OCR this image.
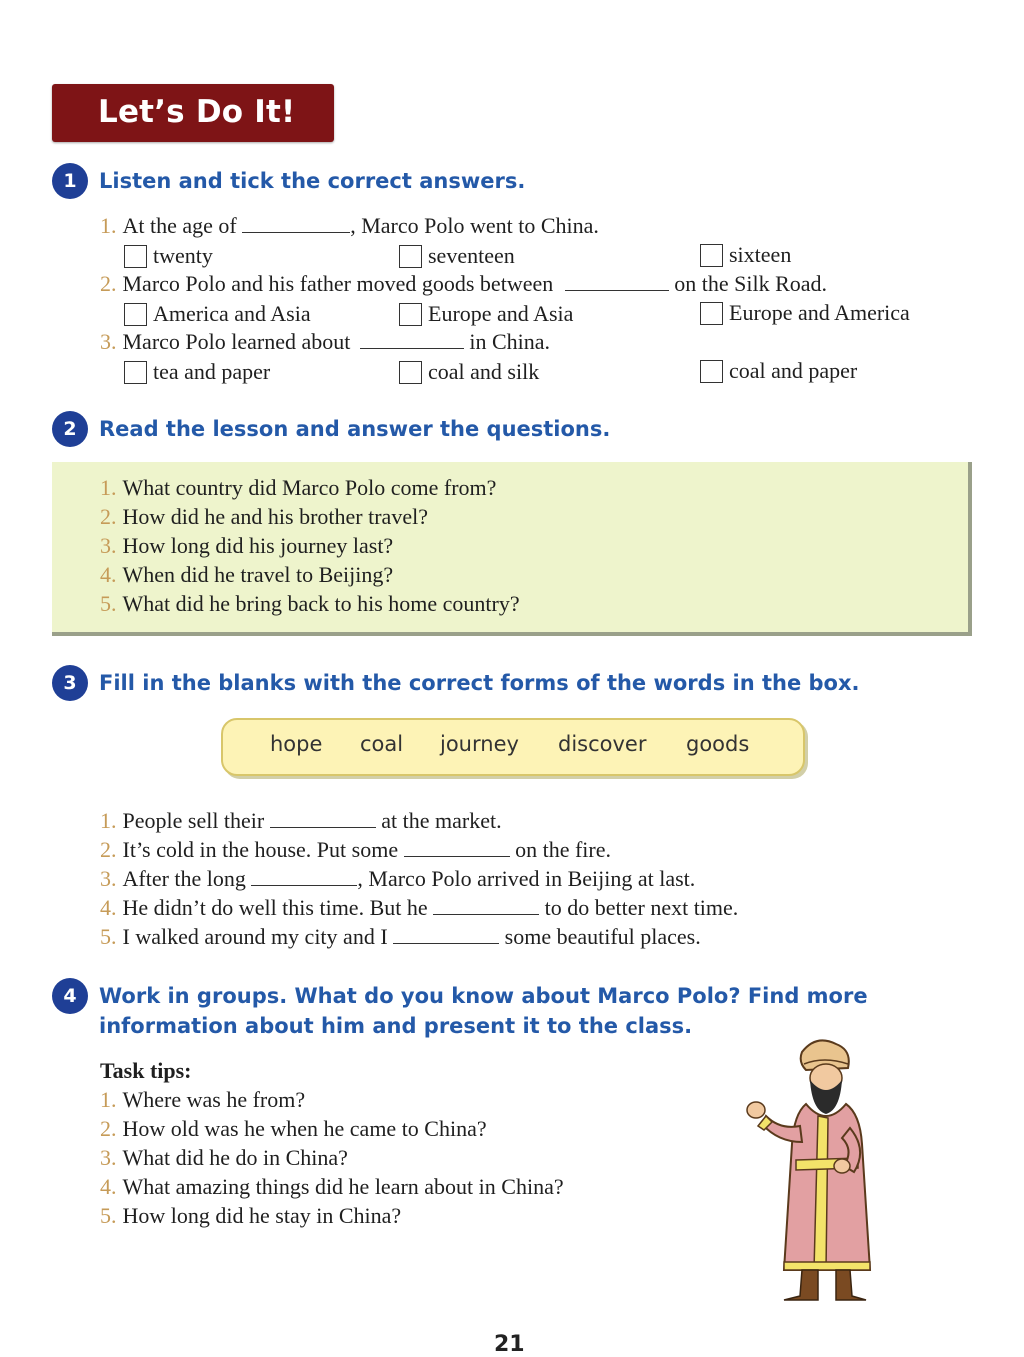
Let’s Do It!
1	Listen and tick the correct answers.
1. At the age of	, Marco Polo went to China.
twenty	seventeen	sixteen
2. Marco Polo and his father moved goods between	on the Silk Road.
America and Asia	Europe and Asia	Europe and America
3. Marco Polo learned about	in China.
tea and paper	coal and silk	coal and paper
2	Read the lesson and answer the questions.
1. What country did Marco Polo come from?
2. How did he and his brother travel?
3. How long did his journey last?
4. When did he travel to Beijing?
5. What did he bring back to his home country?
3	Fill in the blanks with the correct forms of the words in the box.
hope coal journey discover goods
1. People sell their	at the market.
2. It’s cold in the house. Put some	on the fire.
3. After the long	, Marco Polo arrived in Beijing at last.
4. He didn’t do well this time. But he	to do better next time.
5. I walked around my city and I	some beautiful places.
4	Work in groups. What do you know about Marco Polo? Find more
information about him and present it to the class.
Task tips:
1. Where was he from?
2. How old was he when he came to China?
3. What did he do in China?
4. What amazing things did he learn about in China?
5. How long did he stay in China?
21
